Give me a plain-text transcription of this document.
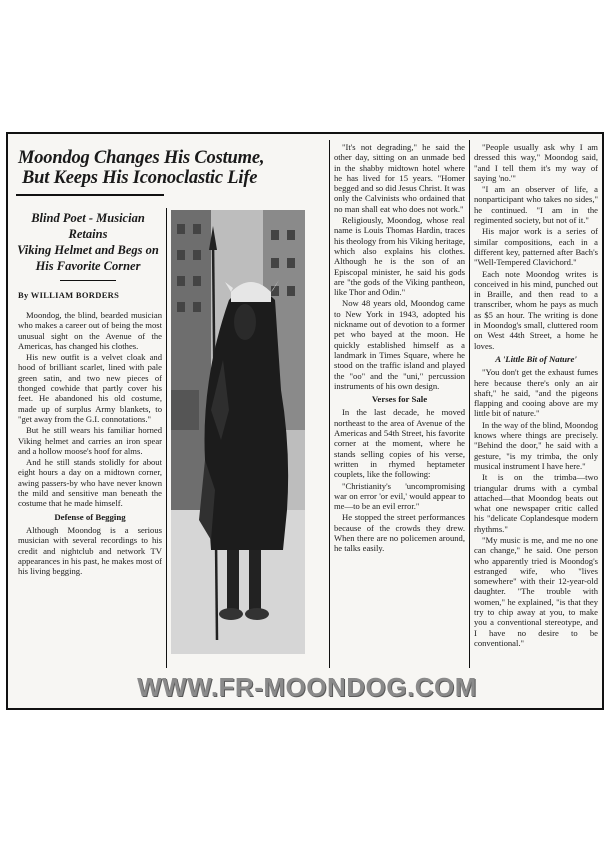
Moondog Changes His Costume,
But Keeps His Iconoclastic Life
Blind Poet - Musician Retains
Viking Helmet and Begs on
His Favorite Corner
By WILLIAM BORDERS

Moondog, the blind, bearded musician who makes a career out of being the most unusual sight on the Avenue of the Americas, has changed his clothes.

His new outfit is a velvet cloak and hood of brilliant scarlet, lined with pale green satin, and two new pieces of thonged cowhide that partly cover his feet. He abandoned his old costume, made up of surplus Army blankets, to "get away from the G.I. connotations."

But he still wears his familiar horned Viking helmet and carries an iron spear and a hollow moose's hoof for alms.

And he still stands stolidly for about eight hours a day on a midtown corner, awing passers-by who have never known the mild and sensitive man beneath the costume that he made himself.

Defense of Begging

Although Moondog is a serious musician with several recordings to his credit and nightclub and network TV appearances in his past, he makes most of his living begging.

"It's not degrading," he said the other day, sitting on an unmade bed in the shabby midtown hotel where he has lived for 15 years. "Homer begged and so did Jesus Christ. It was only the Calvinists who ordained that no man shall eat who does not work."

Religiously, Moondog, whose real name is Louis Thomas Hardin, traces his theology from his Viking heritage, which also explains his clothes. Although he is the son of an Episcopal minister, he said his gods are "the gods of the Viking pantheon, like Thor and Odin."

Now 48 years old, Moondog came to New York in 1943, adopted his nickname out of devotion to a former pet who bayed at the moon. He quickly established himself as a landmark in Times Square, where he stood on the traffic island and played the "oo" and the "uni," percussion instruments of his own design.

Verses for Sale

In the last decade, he moved northeast to the area of Avenue of the Americas and 54th Street, his favorite corner at the moment, where he stands selling copies of his verse, written in rhymed heptameter couplets, like the following:

"Christianity's 'uncompromising war on error 'or evil,' would appear to me—to be an evil error."

He stopped the street performances because of the crowds they drew. When there are no policemen around, he talks easily.

"People usually ask why I am dressed this way," Moondog said, "and I tell them it's my way of saying 'no.'"

"I am an observer of life, a nonparticipant who takes no sides," he continued. "I am in the regimented society, but not of it."

His major work is a series of similar compositions, each in a different key, patterned after Bach's "Well-Tempered Clavichord."

Each note Moondog writes is conceived in his mind, punched out in Braille, and then read to a transcriber, whom he pays as much as $5 an hour. The writing is done in Moondog's small, cluttered room on West 44th Street, a home he loves.

A 'Little Bit of Nature'

"You don't get the exhaust fumes here because there's only an air shaft," he said, "and the pigeons flapping and cooing above are my little bit of nature."

In the way of the blind, Moondog knows where things are precisely. "Behind the door," he said with a gesture, "is my trimba, the only musical instrument I have here."

It is on the trimba—two triangular drums with a cymbal attached—that Moondog beats out what one newspaper critic called his "delicate Coplandesque modern rhythms."

"My music is me, and me no one can change," he said. One person who apparently tried is Moondog's estranged wife, who "lives somewhere" with their 12-year-old daughter. "The trouble with women," he explained, "is that they try to chip away at you, to make you a conventional stereotype, and I have no desire to be conventional."

WWW.FR-MOONDOG.COM
